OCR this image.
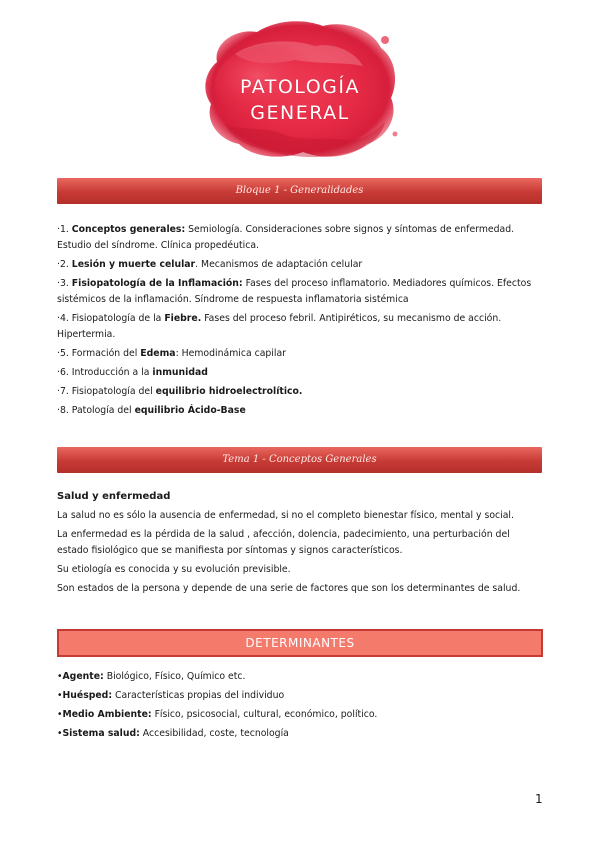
PATOLOGÍA
GENERAL
Bloque 1 - Generalidades

·1. Conceptos generales: Semiología. Consideraciones sobre signos y síntomas de enfermedad. Estudio del síndrome. Clínica propedéutica.

·2. Lesión y muerte celular. Mecanismos de adaptación celular

·3. Fisiopatología de la Inflamación: Fases del proceso inflamatorio. Mediadores químicos. Efectos sistémicos de la inflamación. Síndrome de respuesta inflamatoria sistémica

·4. Fisiopatología de la Fiebre. Fases del proceso febril. Antipiréticos, su mecanismo de acción. Hipertermia.

·5. Formación del Edema: Hemodinámica capilar

·6. Introducción a la inmunidad

·7. Fisiopatología del equilibrio hidroelectrolítico.

·8. Patología del equilibrio Ácido-Base

Tema 1 - Conceptos Generales

Salud y enfermedad

La salud no es sólo la ausencia de enfermedad, si no el completo bienestar físico, mental y social.

La enfermedad es la pérdida de la salud , afección, dolencia, padecimiento, una perturbación del estado fisiológico que se manifiesta por síntomas y signos característicos.

Su etiología es conocida y su evolución previsible.

Son estados de la persona y depende de una serie de factores que son los determinantes de salud.

DETERMINANTES

•Agente: Biológico, Físico, Químico etc.

•Huésped: Características propias del individuo

•Medio Ambiente: Físico, psicosocial, cultural, económico, político.

•Sistema salud: Accesibilidad, coste, tecnología

1
